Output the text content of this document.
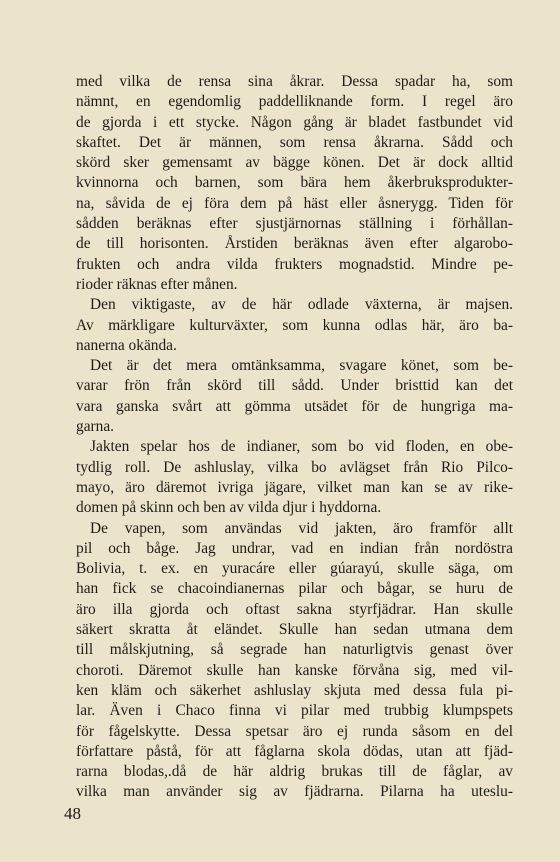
med vilka de rensa sina åkrar. Dessa spadar ha, som
nämnt, en egendomlig paddelliknande form. I regel äro
de gjorda i ett stycke. Någon gång är bladet fastbundet vid
skaftet. Det är männen, som rensa åkrarna. Sådd och
skörd sker gemensamt av bägge könen. Det är dock alltid
kvinnorna och barnen, som bära hem åkerbruksprodukter-
na, såvida de ej föra dem på häst eller åsnerygg. Tiden för
sådden beräknas efter sjustjärnornas ställning i förhållan-
de till horisonten. Årstiden beräknas även efter algarobo-
frukten och andra vilda frukters mognadstid. Mindre pe-
rioder räknas efter månen.
Den viktigaste, av de här odlade växterna, är majsen.
Av märkligare kulturväxter, som kunna odlas här, äro ba-
nanerna okända.
Det är det mera omtänksamma, svagare könet, som be-
varar frön från skörd till sådd. Under bristtid kan det
vara ganska svårt att gömma utsädet för de hungriga ma-
garna.
Jakten spelar hos de indianer, som bo vid floden, en obe-
tydlig roll. De ashluslay, vilka bo avlägset från Rio Pilco-
mayo, äro däremot ivriga jägare, vilket man kan se av rike-
domen på skinn och ben av vilda djur i hyddorna.
De vapen, som användas vid jakten, äro framför allt
pil och båge. Jag undrar, vad en indian från nordöstra
Bolivia, t. ex. en yuracáre eller gúarayú, skulle säga, om
han fick se chacoindianernas pilar och bågar, se huru de
äro illa gjorda och oftast sakna styrfjädrar. Han skulle
säkert skratta åt eländet. Skulle han sedan utmana dem
till målskjutning, så segrade han naturligtvis genast över
choroti. Däremot skulle han kanske förvåna sig, med vil-
ken kläm och säkerhet ashluslay skjuta med dessa fula pi-
lar. Även i Chaco finna vi pilar med trubbig klumpspets
för fågelskytte. Dessa spetsar äro ej runda såsom en del
författare påstå, för att fåglarna skola dödas, utan att fjäd-
rarna blodas,.då de här aldrig brukas till de fåglar, av
vilka man använder sig av fjädrarna. Pilarna ha uteslu-
48
